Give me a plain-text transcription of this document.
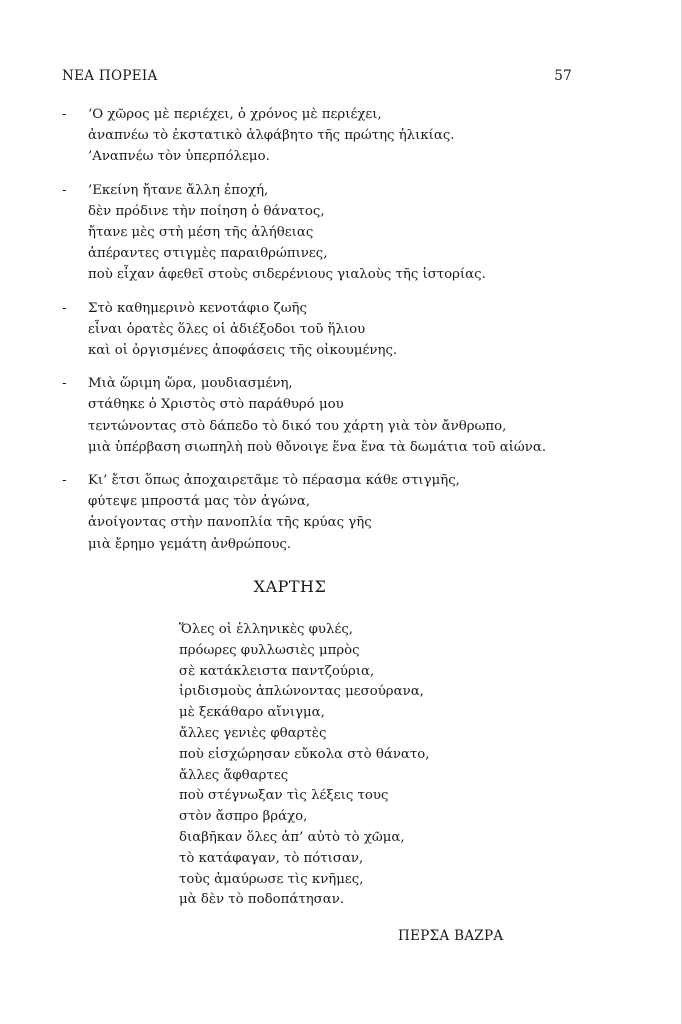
ΝΕΑ ΠΟΡΕΙΑ	57
-	‘Ο χῶρος μὲ περιέχει, ὁ χρόνος μὲ περιέχει,
ἀναπνέω τὸ ἐκστατικὸ ἀλφάβητο τῆς πρώτης ἡλικίας.
’Αναπνέω τὸν ὑπερπόλεμο.
-	’Εκείνη ἤτανε ἄλλη ἐποχή,
δὲν πρόδινε τὴν ποίηση ὁ θάνατος,
ἤτανε μὲς στὴ μέση τῆς ἀλήθειας
ἀπέραντες στιγμὲς παραιθρώπινες,
ποὺ εἶχαν ἀφεθεῖ στοὺς σιδερένιους γιαλοὺς τῆς ἱστορίας.
-	Στὸ καθημερινὸ κενοτάφιο ζωῆς
εἶναι ὁρατὲς ὅλες οἱ ἀδιέξοδοι τοῦ ἥλιου
καὶ οἱ ὀργισμένες ἀποφάσεις τῆς οἰκουμένης.
-	Μιὰ ὥριμη ὥρα, μουδιασμένη,
στάθηκε ὁ Χριστὸς στὸ παράθυρό μου
τεντώνοντας στὸ δάπεδο τὸ δικό του χάρτη γιὰ τὸν ἄνθρωπο,
μιὰ ὑπέρβαση σιωπηλὴ ποὺ θὄνοιγε ἕνα ἕνα τὰ δωμάτια τοῦ αἰώνα.
-	Κι’ ἔτσι ὅπως ἀποχαιρετᾶμε τὸ πέρασμα κάθε στιγμῆς,
φύτεψε μπροστά μας τὸν ἀγώνα,
ἀνοίγοντας στὴν πανοπλία τῆς κρύας γῆς
μιὰ ἔρημο γεμάτη ἀνθρώπους.
ΧΑΡΤΗΣ
Ὅλες οἱ ἑλληνικὲς φυλές,
πρόωρες φυλλωσιὲς μπρὸς
σὲ κατάκλειστα παντζούρια,
ἰριδισμοὺς ἁπλώνοντας μεσούρανα,
μὲ ξεκάθαρο αἴνιγμα,
ἄλλες γενιὲς φθαρτὲς
ποὺ εἰσχώρησαν εὔκολα στὸ θάνατο,
ἄλλες ἄφθαρτες
ποὺ στέγνωξαν τὶς λέξεις τους
στὸν ἄσπρο βράχο,
διαβῆκαν ὅλες ἀπ’ αὐτὸ τὸ χῶμα,
τὸ κατάφαγαν, τὸ πότισαν,
τοὺς ἀμαύρωσε τὶς κνῆμες,
μὰ δὲν τὸ ποδοπάτησαν.
ΠΕΡΣΑ ΒΑΖΡΑ
